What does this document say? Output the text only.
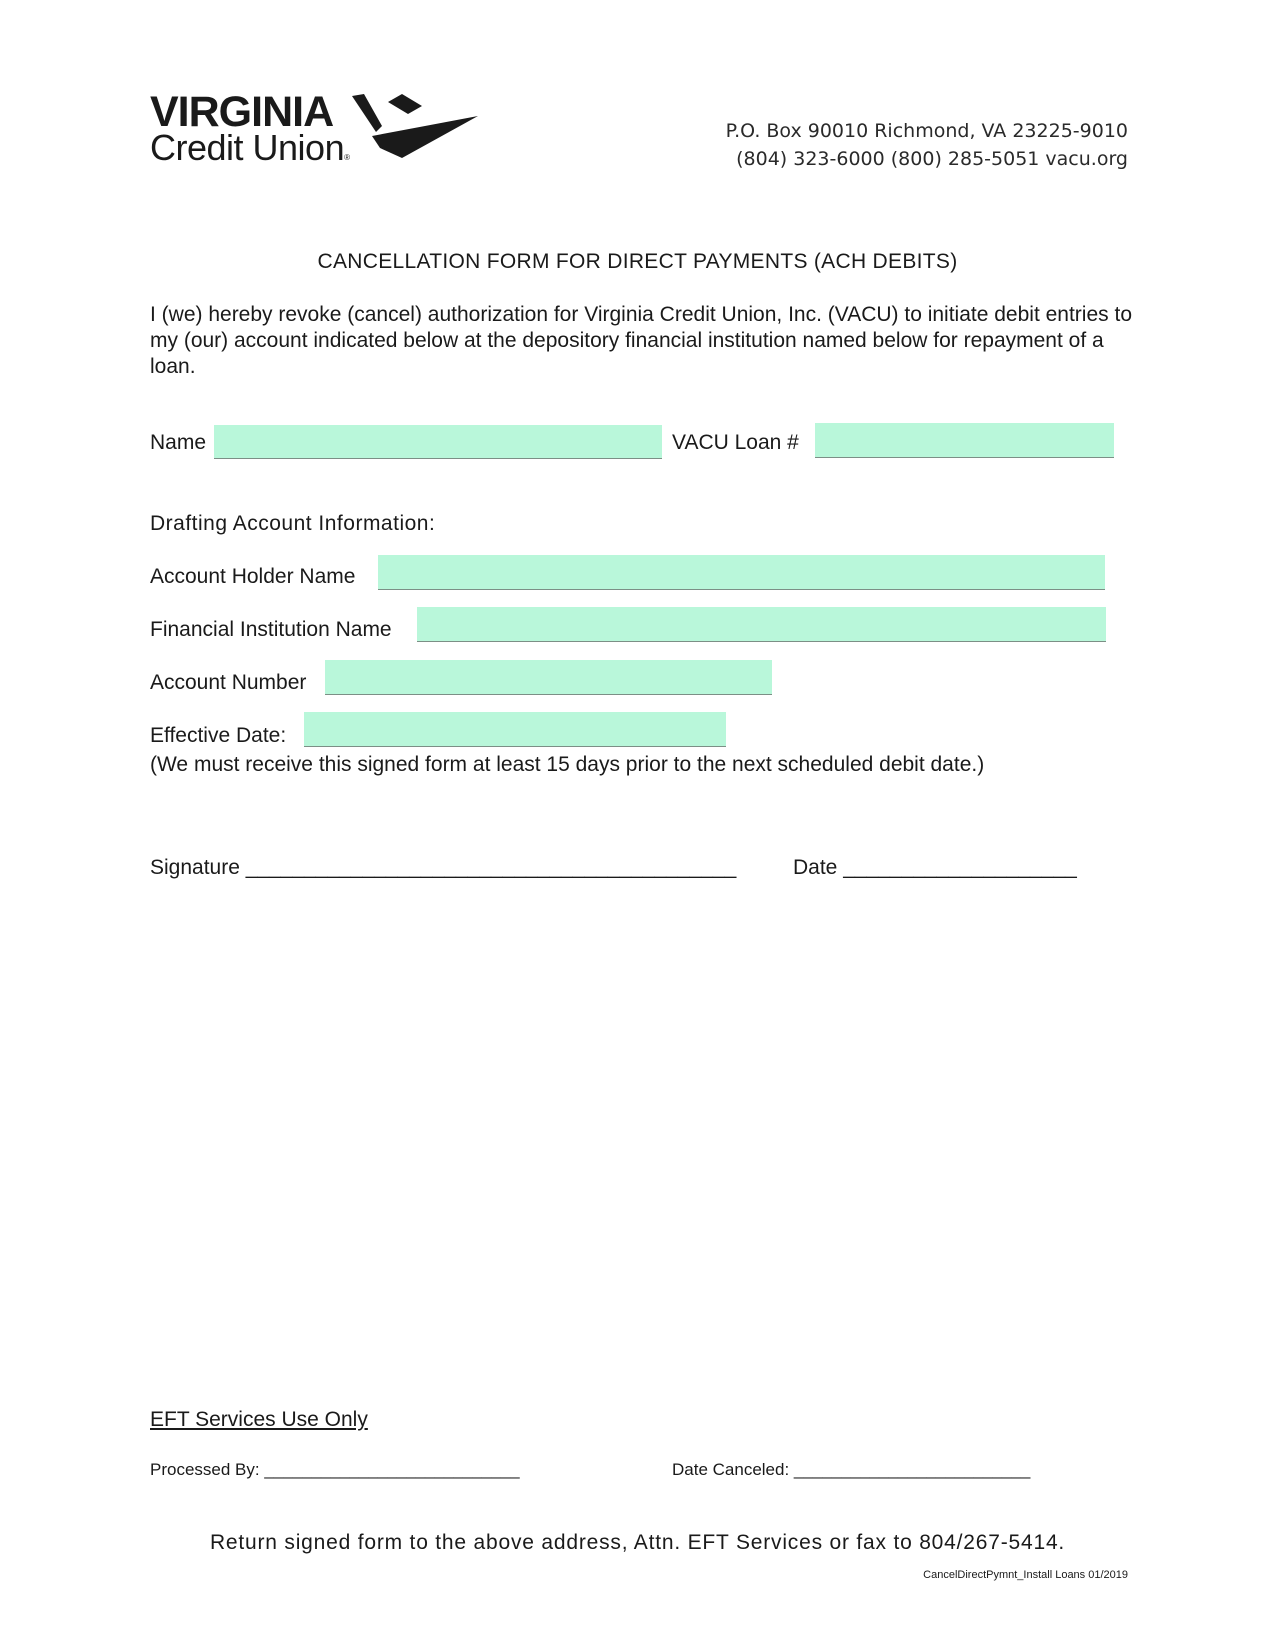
VIRGINIA
Credit Union®
P.O. Box 90010 Richmond, VA 23225-9010
(804) 323-6000 (800) 285-5051 vacu.org
CANCELLATION FORM FOR DIRECT PAYMENTS (ACH DEBITS)
I (we) hereby revoke (cancel) authorization for Virginia Credit Union, Inc. (VACU) to initiate debit entries to my (our) account indicated below at the depository financial institution named below for repayment of a loan.
Name	VACU Loan #
Drafting Account Information:
Account Holder Name
Financial Institution Name
Account Number
Effective Date:
(We must receive this signed form at least 15 days prior to the next scheduled debit date.)
Signature __________________________________________	Date ____________________
EFT Services Use Only
Processed By: ___________________________	Date Canceled: _________________________
Return signed form to the above address, Attn. EFT Services or fax to 804/267-5414.
CancelDirectPymnt_Install Loans 01/2019
